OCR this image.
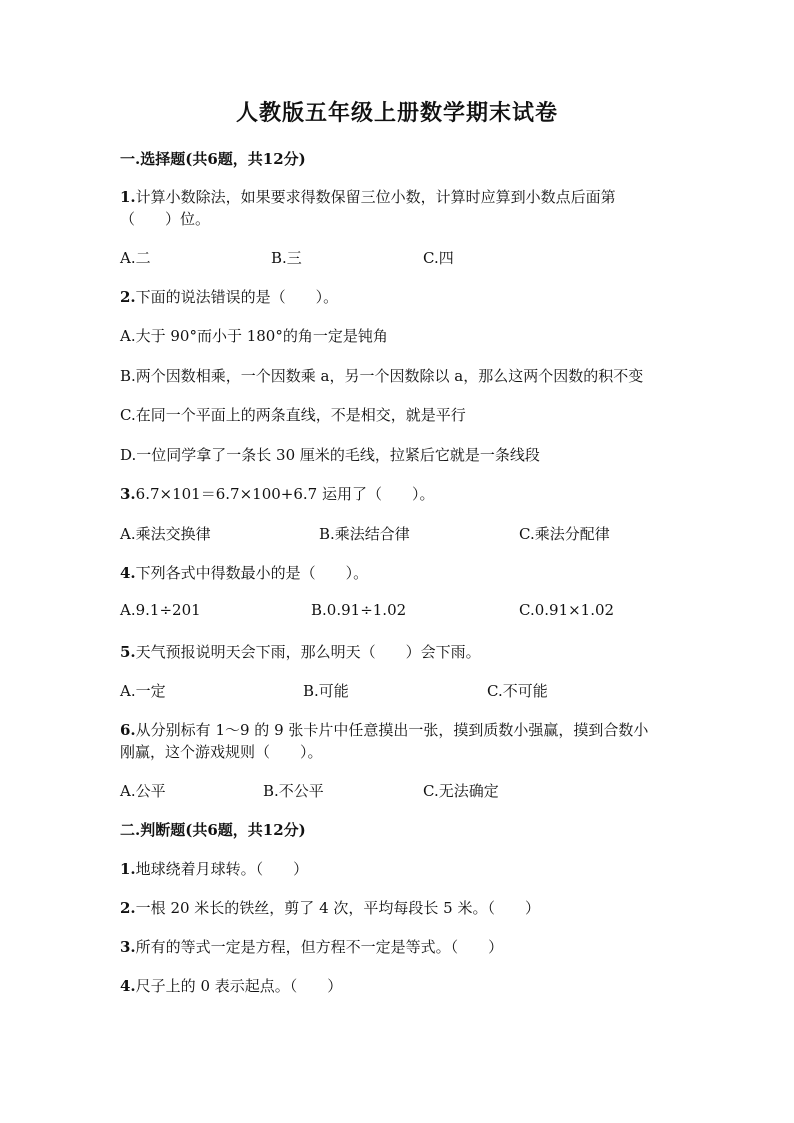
人教版五年级上册数学期末试卷
一.选择题(共6题，共12分)
1.计算小数除法，如果要求得数保留三位小数，计算时应算到小数点后面第
（　　）位。
A.二	B.三	C.四
2.下面的说法错误的是（　　）。
A.大于 90°而小于 180°的角一定是钝角
B.两个因数相乘，一个因数乘 a，另一个因数除以 a，那么这两个因数的积不变
C.在同一个平面上的两条直线，不是相交，就是平行
D.一位同学拿了一条长 30 厘米的毛线，拉紧后它就是一条线段
3.6.7×101＝6.7×100+6.7 运用了（　　）。
A.乘法交换律	B.乘法结合律	C.乘法分配律
4.下列各式中得数最小的是（　　）。
A.9.1÷201	B.0.91÷1.02	C.0.91×1.02
5.天气预报说明天会下雨，那么明天（　　）会下雨。
A.一定	B.可能	C.不可能
6.从分别标有 1～9 的 9 张卡片中任意摸出一张，摸到质数小强赢，摸到合数小
刚赢，这个游戏规则（　　）。
A.公平	B.不公平	C.无法确定
二.判断题(共6题，共12分)
1.地球绕着月球转。（　　）
2.一根 20 米长的铁丝，剪了 4 次，平均每段长 5 米。（　　）
3.所有的等式一定是方程，但方程不一定是等式。（　　）
4.尺子上的 0 表示起点。（　　）
